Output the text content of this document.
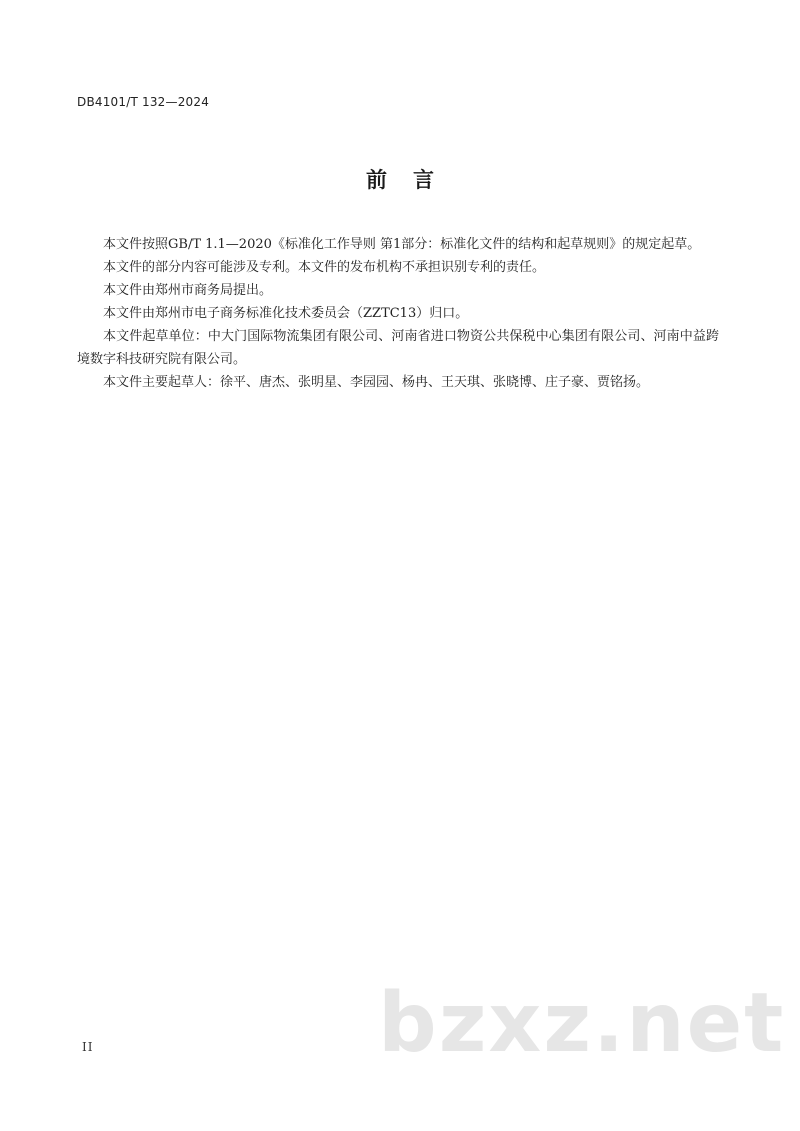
DB4101/T 132—2024
前言

本文件按照GB/T 1.1—2020《标准化工作导则 第1部分：标准化文件的结构和起草规则》的规定起草。

本文件的部分内容可能涉及专利。本文件的发布机构不承担识别专利的责任。

本文件由郑州市商务局提出。

本文件由郑州市电子商务标准化技术委员会（ZZTC13）归口。

本文件起草单位：中大门国际物流集团有限公司、河南省进口物资公共保税中心集团有限公司、河南中益跨境数字科技研究院有限公司。

本文件主要起草人：徐平、唐杰、张明星、李园园、杨冉、王天琪、张晓博、庄子豪、贾铭扬。

II	bzxz.net
